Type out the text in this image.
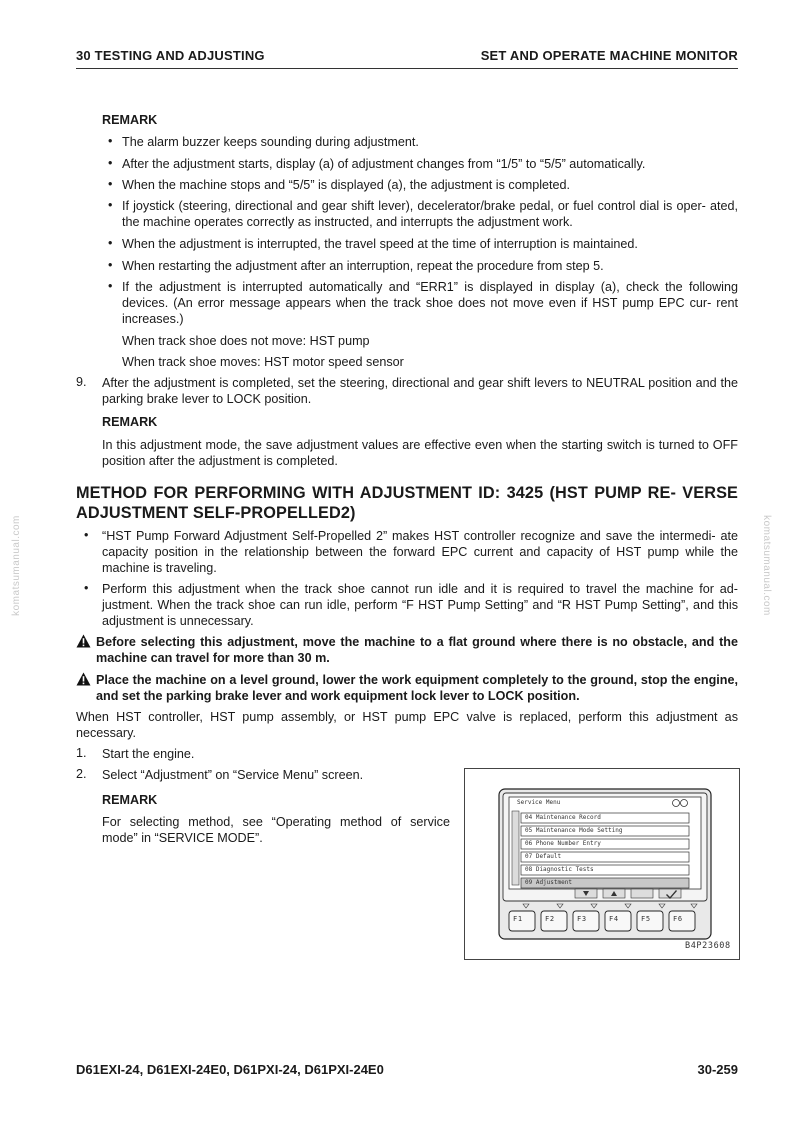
30 TESTING AND ADJUSTING	SET AND OPERATE MACHINE MONITOR
komatsumanual.com	komatsumanual.com
REMARK
• The alarm buzzer keeps sounding during adjustment.
• After the adjustment starts, display (a) of adjustment changes from “1/5” to “5/5” automatically.
• When the machine stops and “5/5” is displayed (a), the adjustment is completed.
• If joystick (steering, directional and gear shift lever), decelerator/brake pedal, or fuel control dial is oper- ated, the machine operates correctly as instructed, and interrupts the adjustment work.
• When the adjustment is interrupted, the travel speed at the time of interruption is maintained.
• When restarting the adjustment after an interruption, repeat the procedure from step 5.
• If the adjustment is interrupted automatically and “ERR1” is displayed in display (a), check the following devices. (An error message appears when the track shoe does not move even if HST pump EPC cur- rent increases.)
When track shoe does not move: HST pump
When track shoe moves: HST motor speed sensor
9. After the adjustment is completed, set the steering, directional and gear shift levers to NEUTRAL position and the parking brake lever to LOCK position.
REMARK
In this adjustment mode, the save adjustment values are effective even when the starting switch is turned to OFF position after the adjustment is completed.
METHOD FOR PERFORMING WITH ADJUSTMENT ID: 3425 (HST PUMP RE- VERSE ADJUSTMENT SELF-PROPELLED2)
• “HST Pump Forward Adjustment Self-Propelled 2” makes HST controller recognize and save the intermedi- ate capacity position in the relationship between the forward EPC current and capacity of HST pump while the machine is traveling.
• Perform this adjustment when the track shoe cannot run idle and it is required to travel the machine for ad- justment. When the track shoe can run idle, perform “F HST Pump Setting” and “R HST Pump Setting”, and this adjustment is unnecessary.
Before selecting this adjustment, move the machine to a flat ground where there is no obstacle, and the machine can travel for more than 30 m.
Place the machine on a level ground, lower the work equipment completely to the ground, stop the engine, and set the parking brake lever and work equipment lock lever to LOCK position.
When HST controller, HST pump assembly, or HST pump EPC valve is replaced, perform this adjustment as necessary.
1. Start the engine.
2. Select “Adjustment” on “Service Menu” screen.
REMARK
For selecting method, see “Operating method of service mode” in “SERVICE MODE”.
Service Menu
04 Maintenance Record
05 Maintenance Mode Setting
06 Phone Number Entry
07 Default
08 Diagnostic Tests
09 Adjustment
F1	F2	F3	F4	F5	F6
B4P23608
D61EXI-24, D61EXI-24E0, D61PXI-24, D61PXI-24E0	30-259
